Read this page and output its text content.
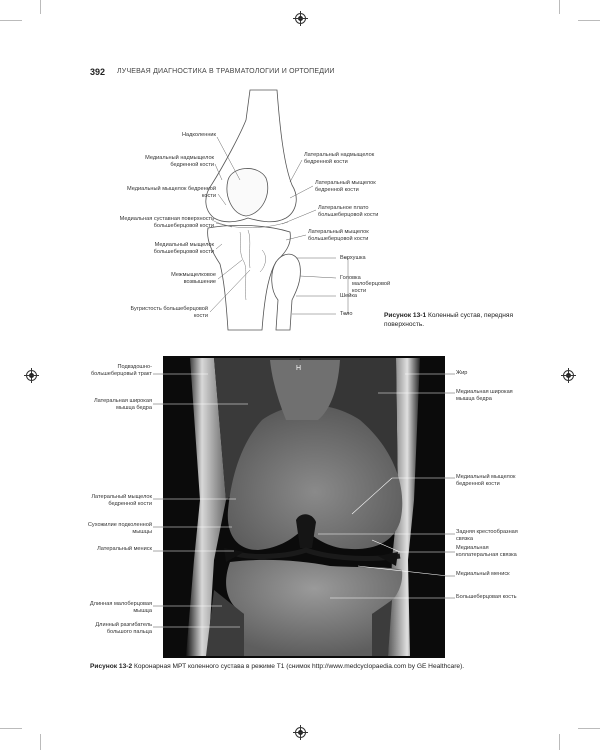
392 ЛУЧЕВАЯ ДИАГНОСТИКА В ТРАВМАТОЛОГИИ И ОРТОПЕДИИ
Надколенник
Медиальный надмыщелок бедренной кости
Медиальный мыщелок бедренной кости
Медиальная суставная поверхность большеберцовой кости
Медиальный мыщелок большеберцовой кости
Межмыщелковое возвышение
Бугристость большеберцовой кости
Латеральный надмыщелок бедренной кости
Латеральный мыщелок бедренной кости
Латеральное плато большеберцовой кости
Латеральный мыщелок большеберцовой кости
Верхушка
Головка
Шейка
Тело
малоберцовой кости
Рисунок 13-1 Коленный сустав, передняя поверхность.
H
Подвздошно-большеберцовый тракт
Латеральная широкая мышца бедра
Латеральный мыщелок бедренной кости
Сухожилие подколенной мышцы
Латеральный мениск
Длинная малоберцовая мышца
Длинный разгибатель большого пальца
Жир
Медиальная широкая мышца бедра
Медиальный мыщелок бедренной кости
Задняя крестообразная связка
Медиальная коллатеральная связка
Медиальный мениск
Большеберцовая кость
Рисунок 13-2 Коронарная МРТ коленного сустава в режиме T1 (снимок http://www.medcyclopaedia.com by GE Healthcare).
